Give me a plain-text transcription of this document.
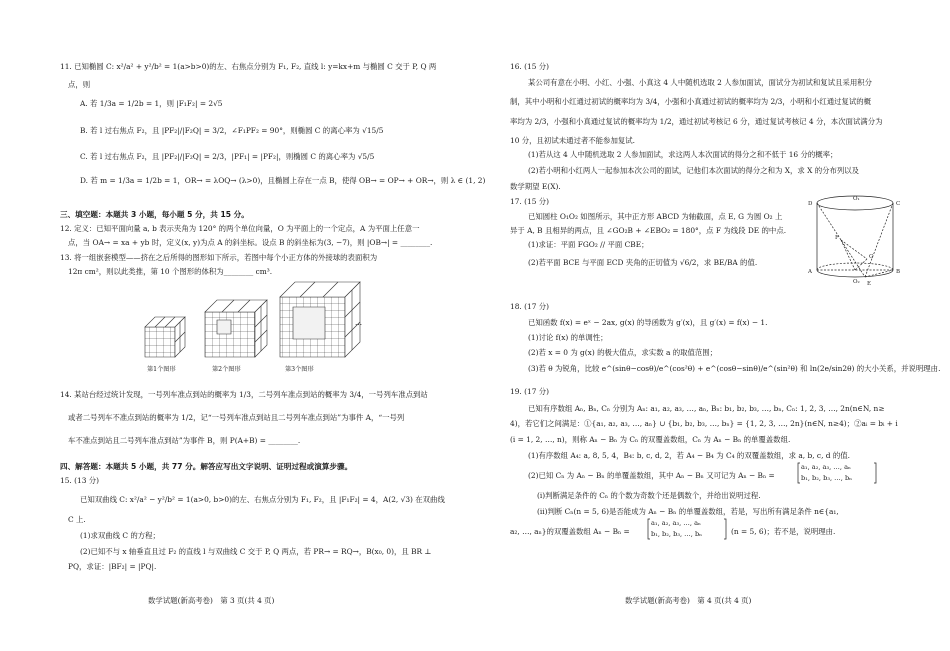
11. 已知椭圆 C: x²/a² + y²/b² = 1(a>b>0)的左、右焦点分别为 F₁, F₂, 直线 l: y=kx+m 与椭圆 C 交于 P, Q 两
点，则
A. 若 1/3a = 1/2b = 1，则 |F₁F₂| = 2√5
B. 若 l 过右焦点 F₂，且 |PF₂|/|F₂Q| = 3/2，∠F₁PF₂ = 90°，则椭圆 C 的离心率为 √15/5
C. 若 l 过右焦点 F₂，且 |PF₂|/|F₂Q| = 2/3，|PF₁| = |PF₂|，则椭圆 C 的离心率为 √5/5
D. 若 m = 1/3a = 1/2b = 1，OR→ = λOQ→ (λ>0)，且椭圆上存在一点 B，使得 OB→ = OP→ + OR→，则 λ ∈ (1, 2)
三、填空题：本题共 3 小题，每小题 5 分，共 15 分。
12. 定义：已知平面向量 a, b 表示夹角为 120° 的两个单位向量，O 为平面上的一个定点，A 为平面上任意一
点，当 OA→ = xa + yb 时，定义(x, y)为点 A 的斜坐标。设点 B 的斜坐标为(3, −7)，则 |OB→| = ________.
13. 将一组嵌套模型——挤在之后所得的图形如下所示，若图中每个小正方体的外接球的表面积为
12π cm²，则以此类推，第 10 个图形的体积为________ cm³.
···
第1个图形	第2个图形	第3个图形
14. 某站台经过统计发现，一号列车准点到站的概率为 1/3，二号列车准点到站的概率为 3/4，一号列车准点到站
或者二号列车不准点到站的概率为 1/2，记“一号列车准点到站且二号列车准点到站”为事件 A，“一号列
车不准点到站且二号列车准点到站”为事件 B，则 P(A+B) = ________.
四、解答题：本题共 5 小题，共 77 分。解答应写出文字说明、证明过程或演算步骤。
15. (13 分)
已知双曲线 C: x²/a² − y²/b² = 1(a>0, b>0)的左、右焦点分别为 F₁, F₂，且 |F₁F₂| = 4，A(2, √3) 在双曲线
C 上.
(1)求双曲线 C 的方程；
(2)已知不与 x 轴垂直且过 F₂ 的直线 l 与双曲线 C 交于 P, Q 两点，若 PR→ = RQ→，B(x₀, 0)，且 BR ⊥
PQ，求证：|BF₂| = |PQ|.
数学试题(新高考卷)　第 3 页(共 4 页)
16. (15 分)
某公司有意在小明、小红、小强、小真这 4 人中随机选取 2 人参加面试，面试分为初试和复试且采用积分
制，其中小明和小红通过初试的概率均为 3/4，小强和小真通过初试的概率均为 2/3，小明和小红通过复试的概
率均为 2/3，小强和小真通过复试的概率均为 1/2，通过初试考核记 6 分，通过复试考核记 4 分，本次面试满分为
10 分，且初试未通过者不能参加复试.
(1)若从这 4 人中随机选取 2 人参加面试，求这两人本次面试的得分之和不低于 16 分的概率；
(2)若小明和小红两人一起参加本次公司的面试，记他们本次面试的得分之和为 X，求 X 的分布列以及
数学期望 E(X).
17. (15 分)
已知圆柱 O₁O₂ 如图所示，其中正方形 ABCD 为轴截面，点 E, G 为圆 O₂ 上
异于 A, B 且相异的两点，且 ∠GO₂B + ∠EBO₂ = 180°，点 F 为线段 DE 的中点.
(1)求证：平面 FGO₂ // 平面 CBE；
(2)若平面 BCE 与平面 ECD 夹角的正切值为 √6/2，求 BE/BA 的值.
O₁
O₂
D	C
A	B
E
F
G
18. (17 分)
已知函数 f(x) = eˣ − 2ax, g(x) 的导函数为 g′(x)，且 g′(x) = f(x) − 1.
(1)讨论 f(x) 的单调性；
(2)若 x = 0 为 g(x) 的极大值点，求实数 a 的取值范围；
(3)若 θ 为锐角，比较 e^(sinθ−cosθ)/e^(cos²θ) + e^(cosθ−sinθ)/e^(sin²θ) 和 ln(2e/sin2θ) 的大小关系，并说明理由.
19. (17 分)
已知有序数组 Aₙ, Bₙ, Cₙ 分别为 Aₙ: a₁, a₂, a₃, …, aₙ, Bₙ: b₁, b₂, b₃, …, bₙ, Cₙ: 1, 2, 3, …, 2n(n∈N, n≥
4)，若它们之间满足：①{a₁, a₂, a₃, …, aₙ} ∪ {b₁, b₂, b₃, …, bₙ} = {1, 2, 3, …, 2n}(n∈N, n≥4)；②aᵢ = bᵢ + i
(i = 1, 2, …, n)，则称 Aₙ − Bₙ 为 Cₙ 的双覆盖数组，Cₙ 为 Aₙ − Bₙ 的单覆盖数组.
(1)有序数组 A₄: a, 8, 5, 4，B₄: b, c, d, 2，若 A₄ − B₄ 为 C₄ 的双覆盖数组，求 a, b, c, d 的值.
(2)已知 Cₙ 为 Aₙ − Bₙ 的单覆盖数组，其中 Aₙ − Bₙ 又可记为 Aₙ − Bₙ =
a₁, a₂, a₃, …, aₙ
b₁, b₂, b₃, …, bₙ
(ⅰ)判断满足条件的 Cₙ 的个数为奇数个还是偶数个，并给出说明过程.
(ⅱ)判断 Cₙ(n = 5, 6)是否能成为 Aₙ − Bₙ 的单覆盖数组，若是，写出所有满足条件 n∈{a₁,
a₂, …, aₙ}的双覆盖数组 Aₙ − Bₙ =
a₁, a₂, a₃, …, aₙ
b₁, b₂, b₃, …, bₙ	(n = 5, 6)；若不是，说明理由.
数学试题(新高考卷)　第 4 页(共 4 页)
